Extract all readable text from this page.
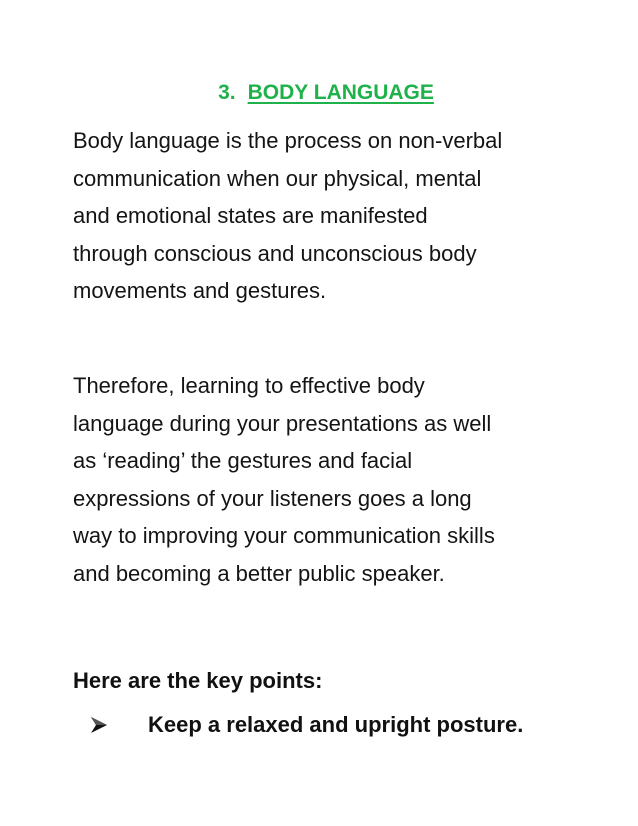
3. BODY LANGUAGE

Body language is the process on non-verbal
communication when our physical, mental
and emotional states are manifested
through conscious and unconscious body
movements and gestures.

Therefore, learning to effective body
language during your presentations as well
as ‘reading’ the gestures and facial
expressions of your listeners goes a long
way to improving your communication skills
and becoming a better public speaker.

Here are the key points:
Keep a relaxed and upright posture.
